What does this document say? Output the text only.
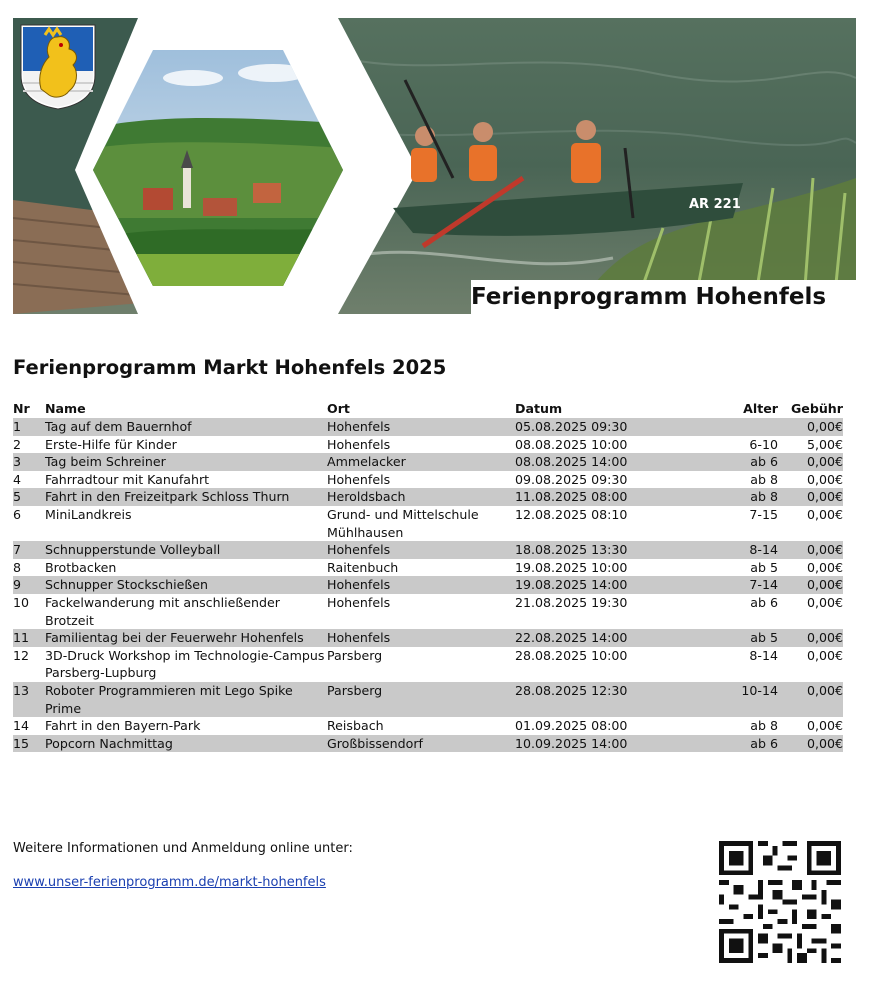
AR 221
Ferienprogramm Hohenfels
Ferienprogramm Markt Hohenfels 2025
Nr	Name	Ort	Datum	Alter	Gebühr
1	Tag auf dem Bauernhof	Hohenfels	05.08.2025 09:30		0,00€
2	Erste-Hilfe für Kinder	Hohenfels	08.08.2025 10:00	6-10	5,00€
3	Tag beim Schreiner	Ammelacker	08.08.2025 14:00	ab 6	0,00€
4	Fahrradtour mit Kanufahrt	Hohenfels	09.08.2025 09:30	ab 8	0,00€
5	Fahrt in den Freizeitpark Schloss Thurn	Heroldsbach	11.08.2025 08:00	ab 8	0,00€
6	MiniLandkreis	Grund- und Mittelschule Mühlhausen	12.08.2025 08:10	7-15	0,00€
7	Schnupperstunde Volleyball	Hohenfels	18.08.2025 13:30	8-14	0,00€
8	Brotbacken	Raitenbuch	19.08.2025 10:00	ab 5	0,00€
9	Schnupper Stockschießen	Hohenfels	19.08.2025 14:00	7-14	0,00€
10	Fackelwanderung mit anschließender Brotzeit	Hohenfels	21.08.2025 19:30	ab 6	0,00€
11	Familientag bei der Feuerwehr Hohenfels	Hohenfels	22.08.2025 14:00	ab 5	0,00€
12	3D-Druck Workshop im Technologie-Campus Parsberg-Lupburg	Parsberg	28.08.2025 10:00	8-14	0,00€
13	Roboter Programmieren mit Lego Spike Prime	Parsberg	28.08.2025 12:30	10-14	0,00€
14	Fahrt in den Bayern-Park	Reisbach	01.09.2025 08:00	ab 8	0,00€
15	Popcorn Nachmittag	Großbissendorf	10.09.2025 14:00	ab 6	0,00€
Weitere Informationen und Anmeldung online unter:
www.unser-ferienprogramm.de/markt-hohenfels
